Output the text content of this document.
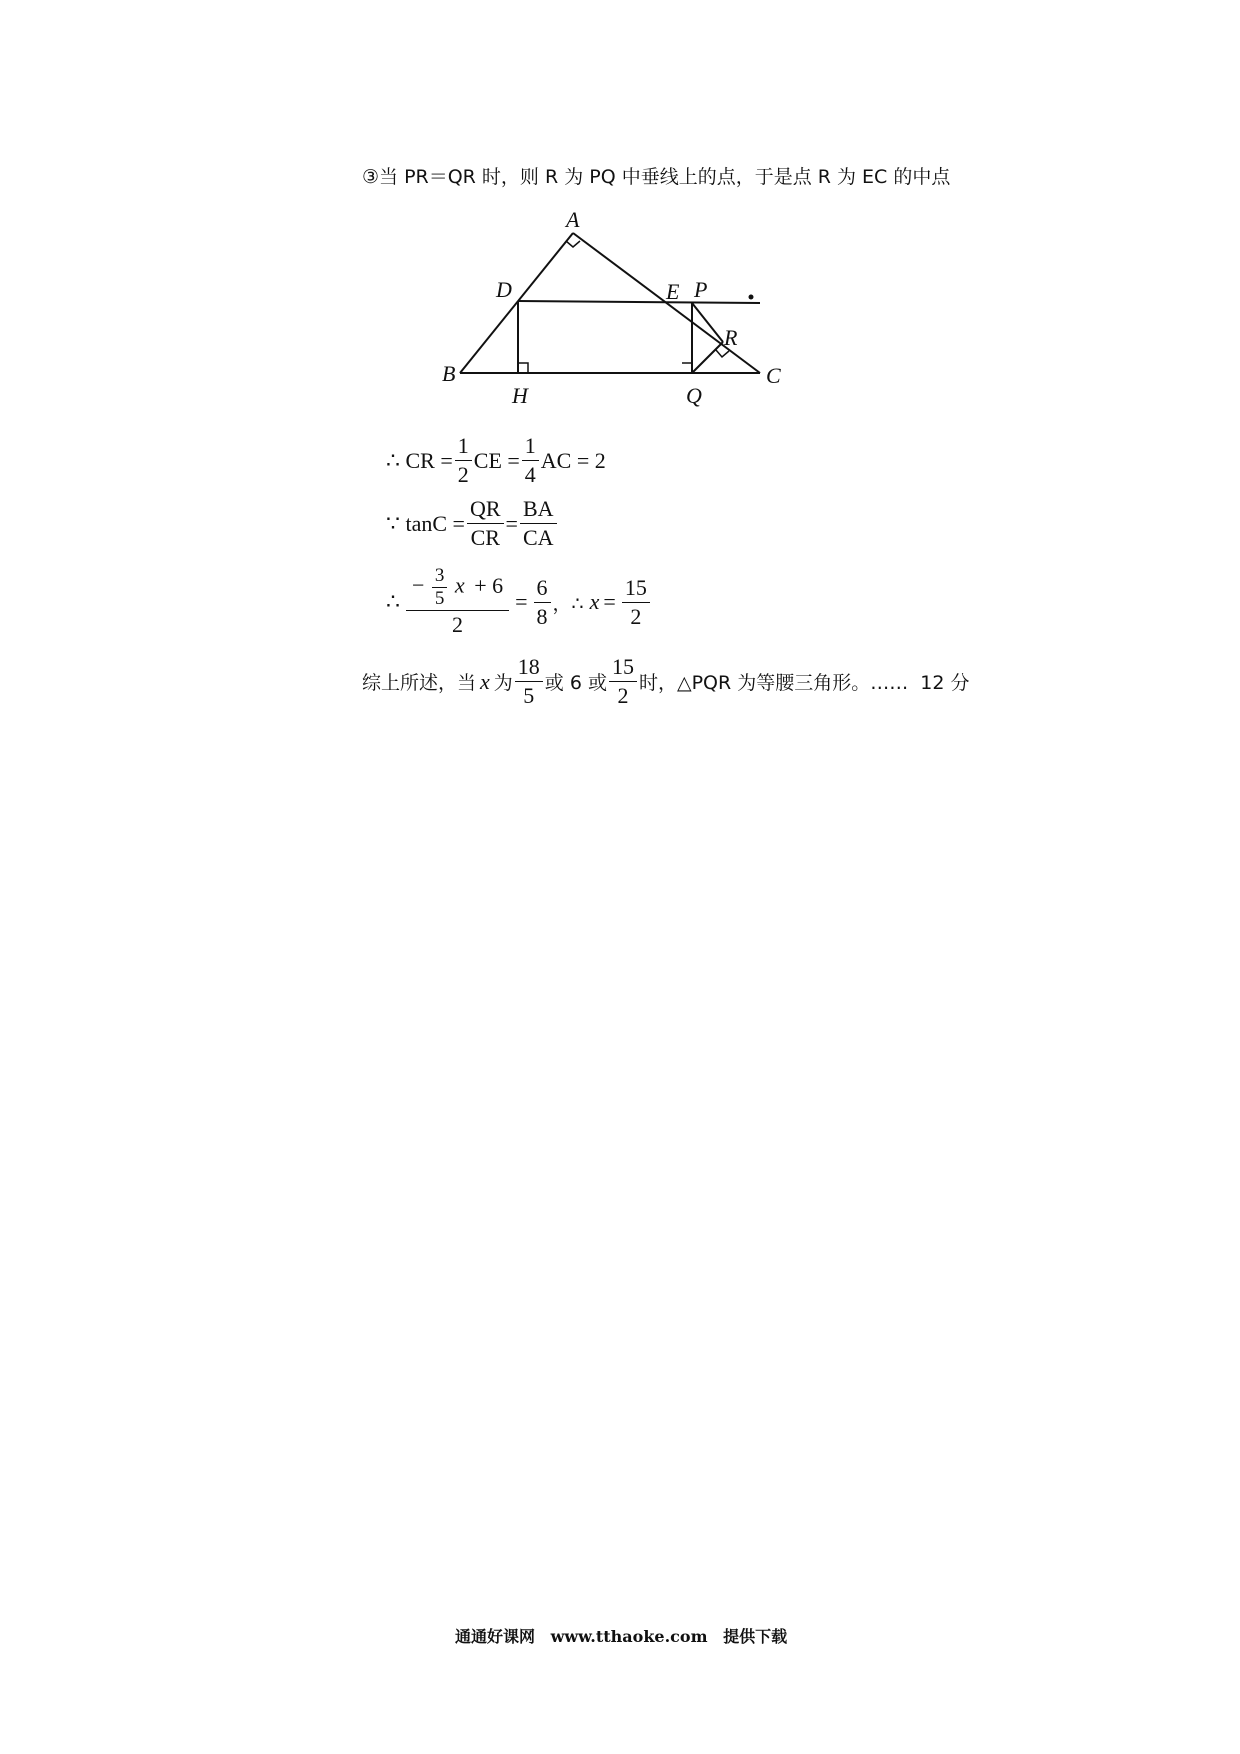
③当 PR＝QR 时，则 R 为 PQ 中垂线上的点，于是点 R 为 EC 的中点
A
B	C
D	E P
R
H	Q
∴ CR = $\frac{1}{2}$ CE = $\frac{1}{4}$ AC = 2
∵ $\tan C = \frac{QR}{CR} = \frac{BA}{CA}$
∴ $\frac{- \frac{3}{5} x + 6}{2} = \frac{6}{8}$ ，∴ $x = \frac{15}{2}$
综上所述，当 x 为 $\frac{18}{5}$ 或 6 或 $\frac{15}{2}$ 时，△PQR 为等腰三角形。…… 12 分
通通好课网 www.tthaoke.com 提供下载
